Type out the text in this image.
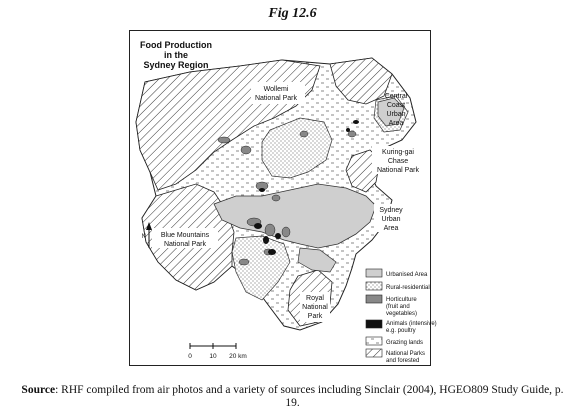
Fig 12.6
Food Production
in the
Sydney Region
Wollemi
National Park	Central
Coast
Urban
Area
Kuring-gai
Chase
National Park
Sydney
Urban
Area
Blue Mountains
National Park
Royal
National
Park
N
Urbanised Area
Rural-residential
Horticulture
(fruit and
vegetables)
Animals (intensive)
e.g. poultry
Grazing lands
National Parks
and forested
0	10 20 km
Source: RHF compiled from air photos and a variety of sources including Sinclair (2004), HGEO809 Study Guide, p. 19.
